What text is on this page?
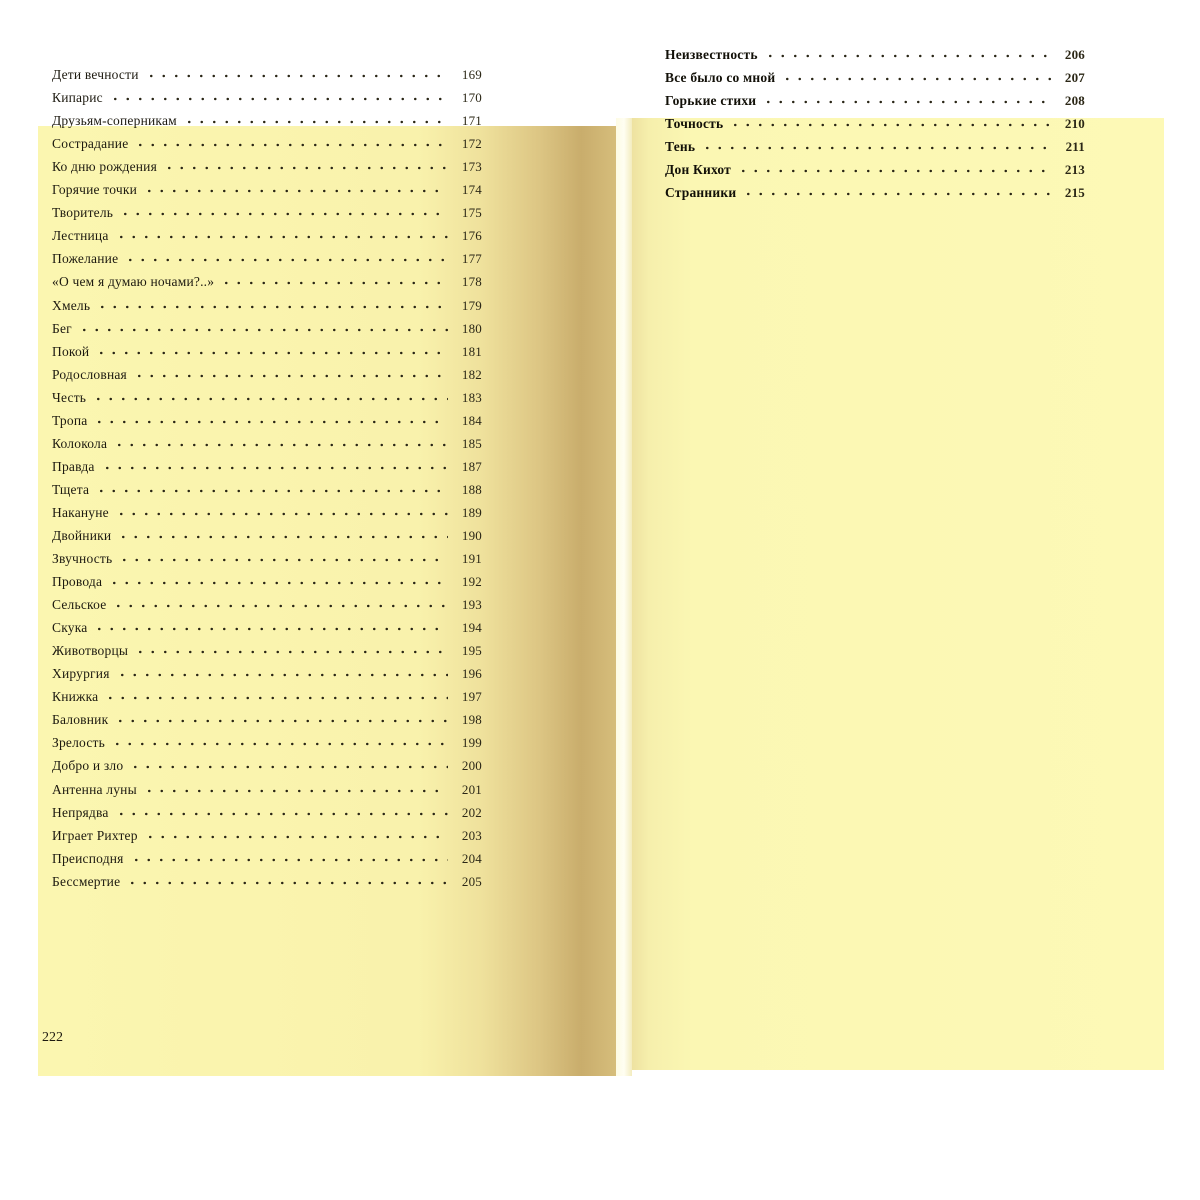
Дети вечности	169
Кипарис	170
Друзьям-соперникам	171
Сострадание	172
Ко дню рождения	173
Горячие точки	174
Творитель	175
Лестница	176
Пожелание	177
«О чем я думаю ночами?..»	178
Хмель	179
Бег	180
Покой	181
Родословная	182
Честь	183
Тропа	184
Колокола	185
Правда	187
Тщета	188
Накануне	189
Двойники	190
Звучность	191
Провода	192
Сельское	193
Скука	194
Животворцы	195
Хирургия	196
Книжка	197
Баловник	198
Зрелость	199
Добро и зло	200
Антенна луны	201
Непрядва	202
Играет Рихтер	203
Преисподня	204
Бессмертие	205
Неизвестность	206
Все было со мной	207
Горькие стихи	208
Точность	210
Тень	211
Дон Кихот	213
Странники	215
222
